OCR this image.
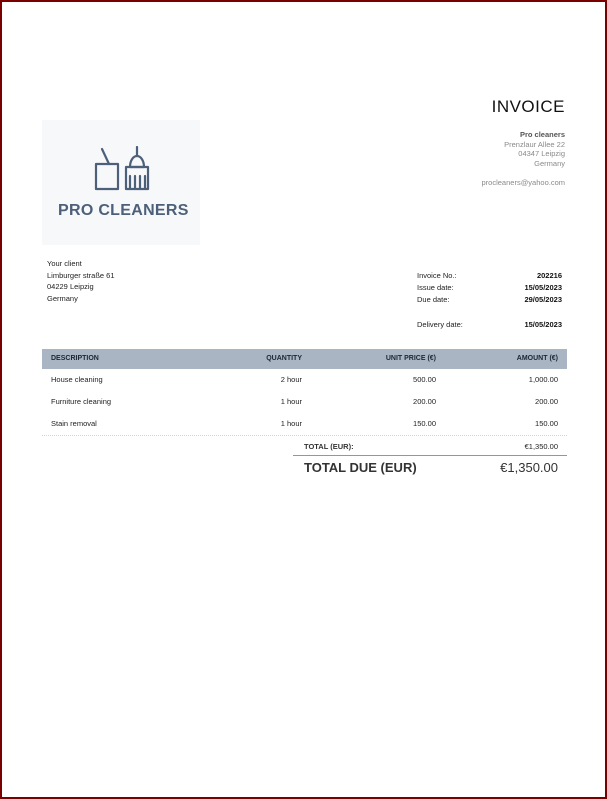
INVOICE
Pro cleaners
Prenzlaur Allee 22
04347 Leipzig
Germany
procleaners@yahoo.com
PRO CLEANERS
Your client
Limburger straße 61
04229 Leipzig
Germany
Invoice No.:	202216
Issue date:	15/05/2023
Due date:	29/05/2023
Delivery date:	15/05/2023
DESCRIPTION	QUANTITY	UNIT PRICE (€)	AMOUNT (€)
House cleaning	2 hour	500.00	1,000.00
Furniture cleaning	1 hour	200.00	200.00
Stain removal	1 hour	150.00	150.00
TOTAL (EUR):	€1,350.00
TOTAL DUE (EUR)	€1,350.00
